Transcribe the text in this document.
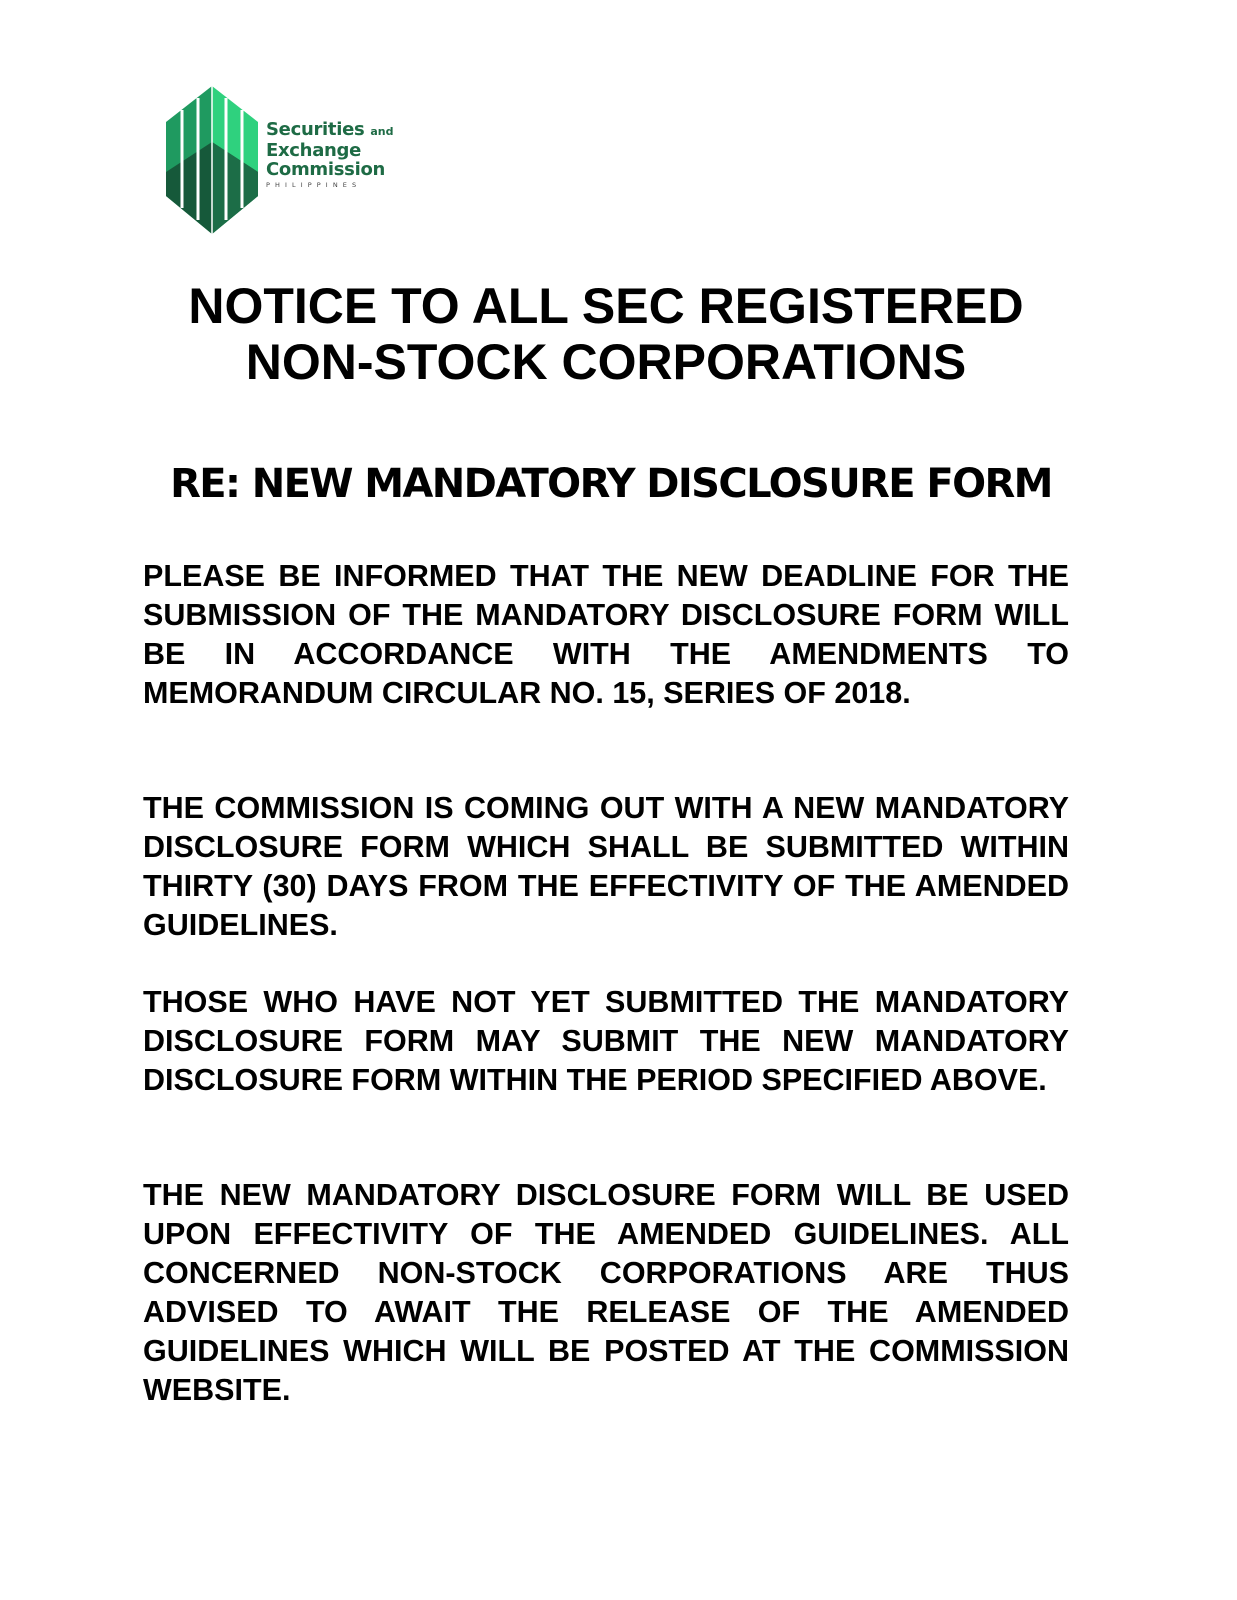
Securities and
Exchange
Commission
PHILIPPINES
NOTICE TO ALL SEC REGISTERED
NON-STOCK CORPORATIONS
RE: NEW MANDATORY DISCLOSURE FORM

PLEASE BE INFORMED THAT THE NEW DEADLINE FOR THE SUBMISSION OF THE MANDATORY DISCLOSURE FORM WILL BE IN ACCORDANCE WITH THE AMENDMENTS TO MEMORANDUM CIRCULAR NO. 15, SERIES OF 2018.

THE COMMISSION IS COMING OUT WITH A NEW MANDATORY DISCLOSURE FORM WHICH SHALL BE SUBMITTED WITHIN THIRTY (30) DAYS FROM THE EFFECTIVITY OF THE AMENDED GUIDELINES.

THOSE WHO HAVE NOT YET SUBMITTED THE MANDATORY DISCLOSURE FORM MAY SUBMIT THE NEW MANDATORY DISCLOSURE FORM WITHIN THE PERIOD SPECIFIED ABOVE.

THE NEW MANDATORY DISCLOSURE FORM WILL BE USED UPON EFFECTIVITY OF THE AMENDED GUIDELINES. ALL CONCERNED NON-STOCK CORPORATIONS ARE THUS ADVISED TO AWAIT THE RELEASE OF THE AMENDED GUIDELINES WHICH WILL BE POSTED AT THE COMMISSION WEBSITE.
